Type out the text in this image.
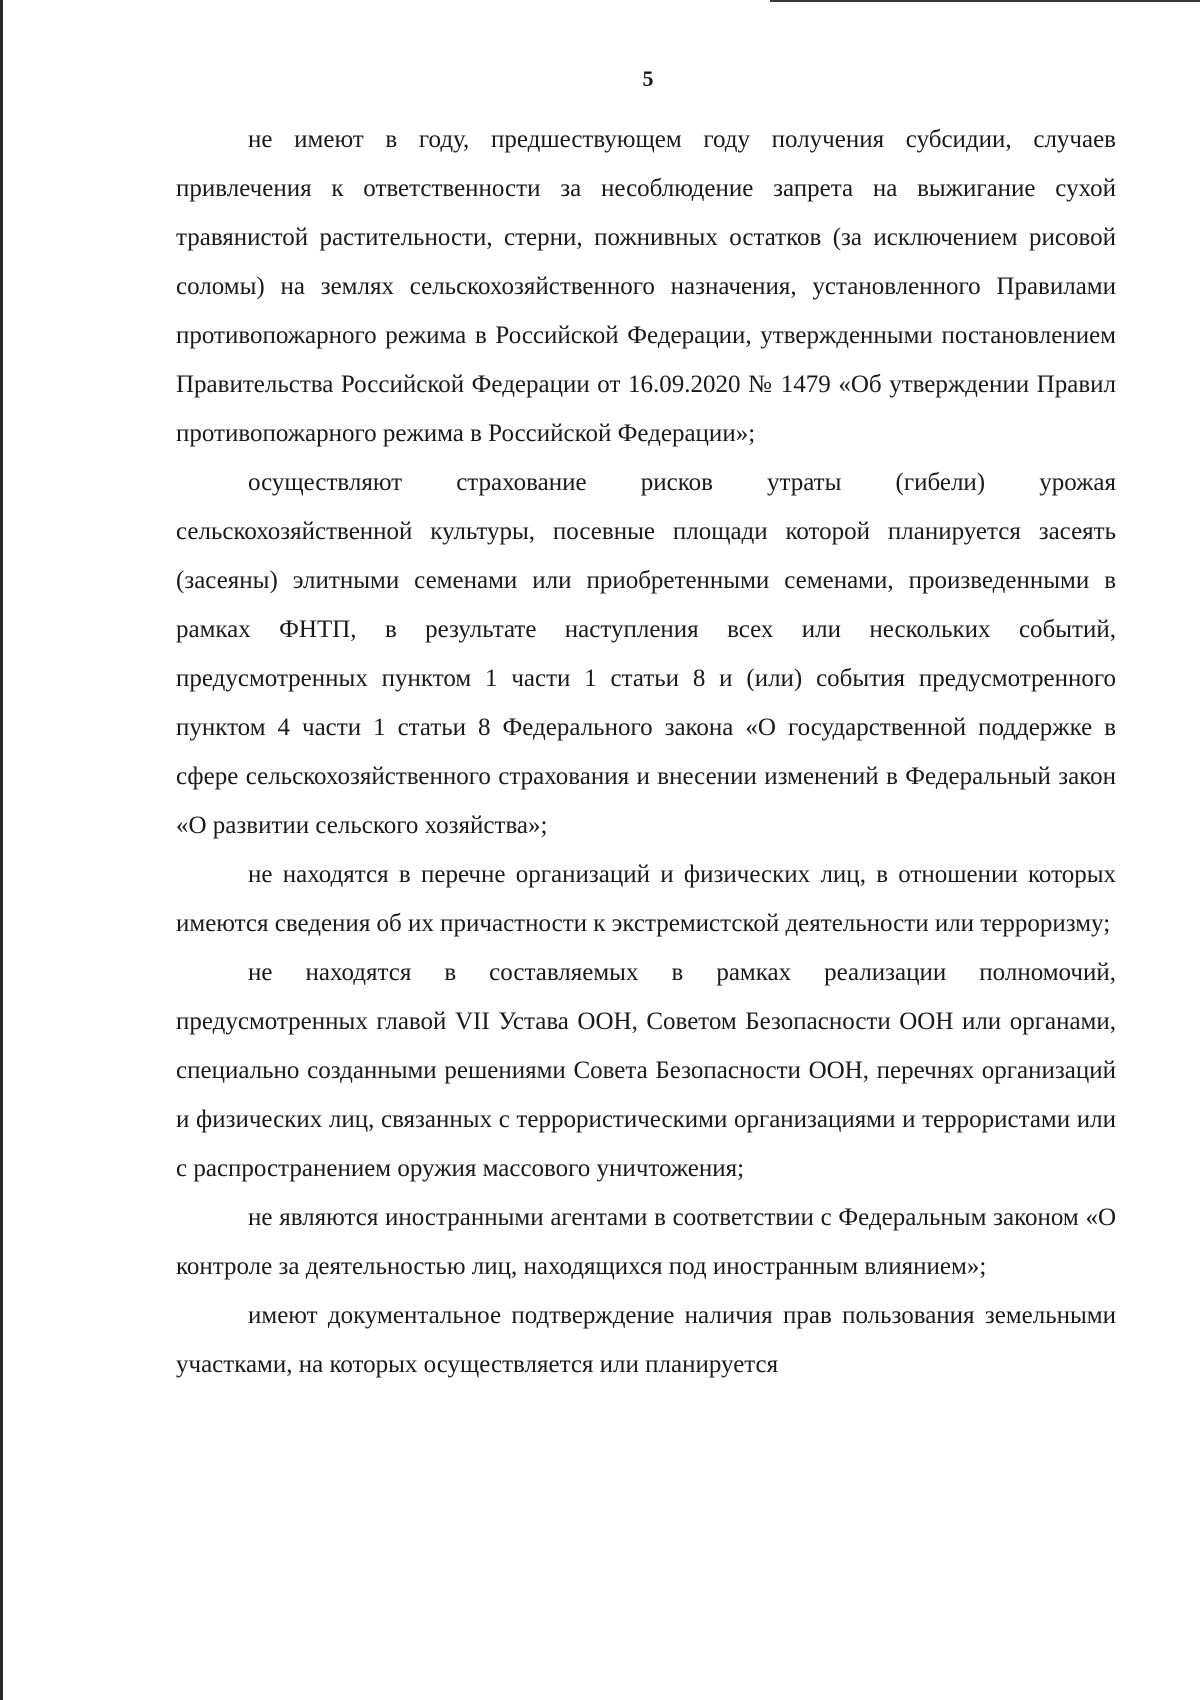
5

не имеют в году, предшествующем году получения субсидии, случаев привлечения к ответственности за несоблюдение запрета на выжигание сухой травянистой растительности, стерни, пожнивных остатков (за исключением рисовой соломы) на землях сельскохозяйственного назначения, установленного Правилами противопожарного режима в Российской Федерации, утвержденными постановлением Правительства Российской Федерации от 16.09.2020 № 1479 «Об утверждении Правил противопожарного режима в Российской Федерации»;

осуществляют страхование рисков утраты (гибели) урожая сельскохозяйственной культуры, посевные площади которой планируется засеять (засеяны) элитными семенами или приобретенными семенами, произведенными в рамках ФНТП, в результате наступления всех или нескольких событий, предусмотренных пунктом 1 части 1 статьи 8 и (или) события предусмотренного пунктом 4 части 1 статьи 8 Федерального закона «О государственной поддержке в сфере сельскохозяйственного страхования и внесении изменений в Федеральный закон «О развитии сельского хозяйства»;

не находятся в перечне организаций и физических лиц, в отношении которых имеются сведения об их причастности к экстремистской деятельности или терроризму;

не находятся в составляемых в рамках реализации полномочий, предусмотренных главой VII Устава ООН, Советом Безопасности ООН или органами, специально созданными решениями Совета Безопасности ООН, перечнях организаций и физических лиц, связанных с террористическими организациями и террористами или с распространением оружия массового уничтожения;

не являются иностранными агентами в соответствии с Федеральным законом «О контроле за деятельностью лиц, находящихся под иностранным влиянием»;

имеют документальное подтверждение наличия прав пользования земельными участками, на которых осуществляется или планируется
